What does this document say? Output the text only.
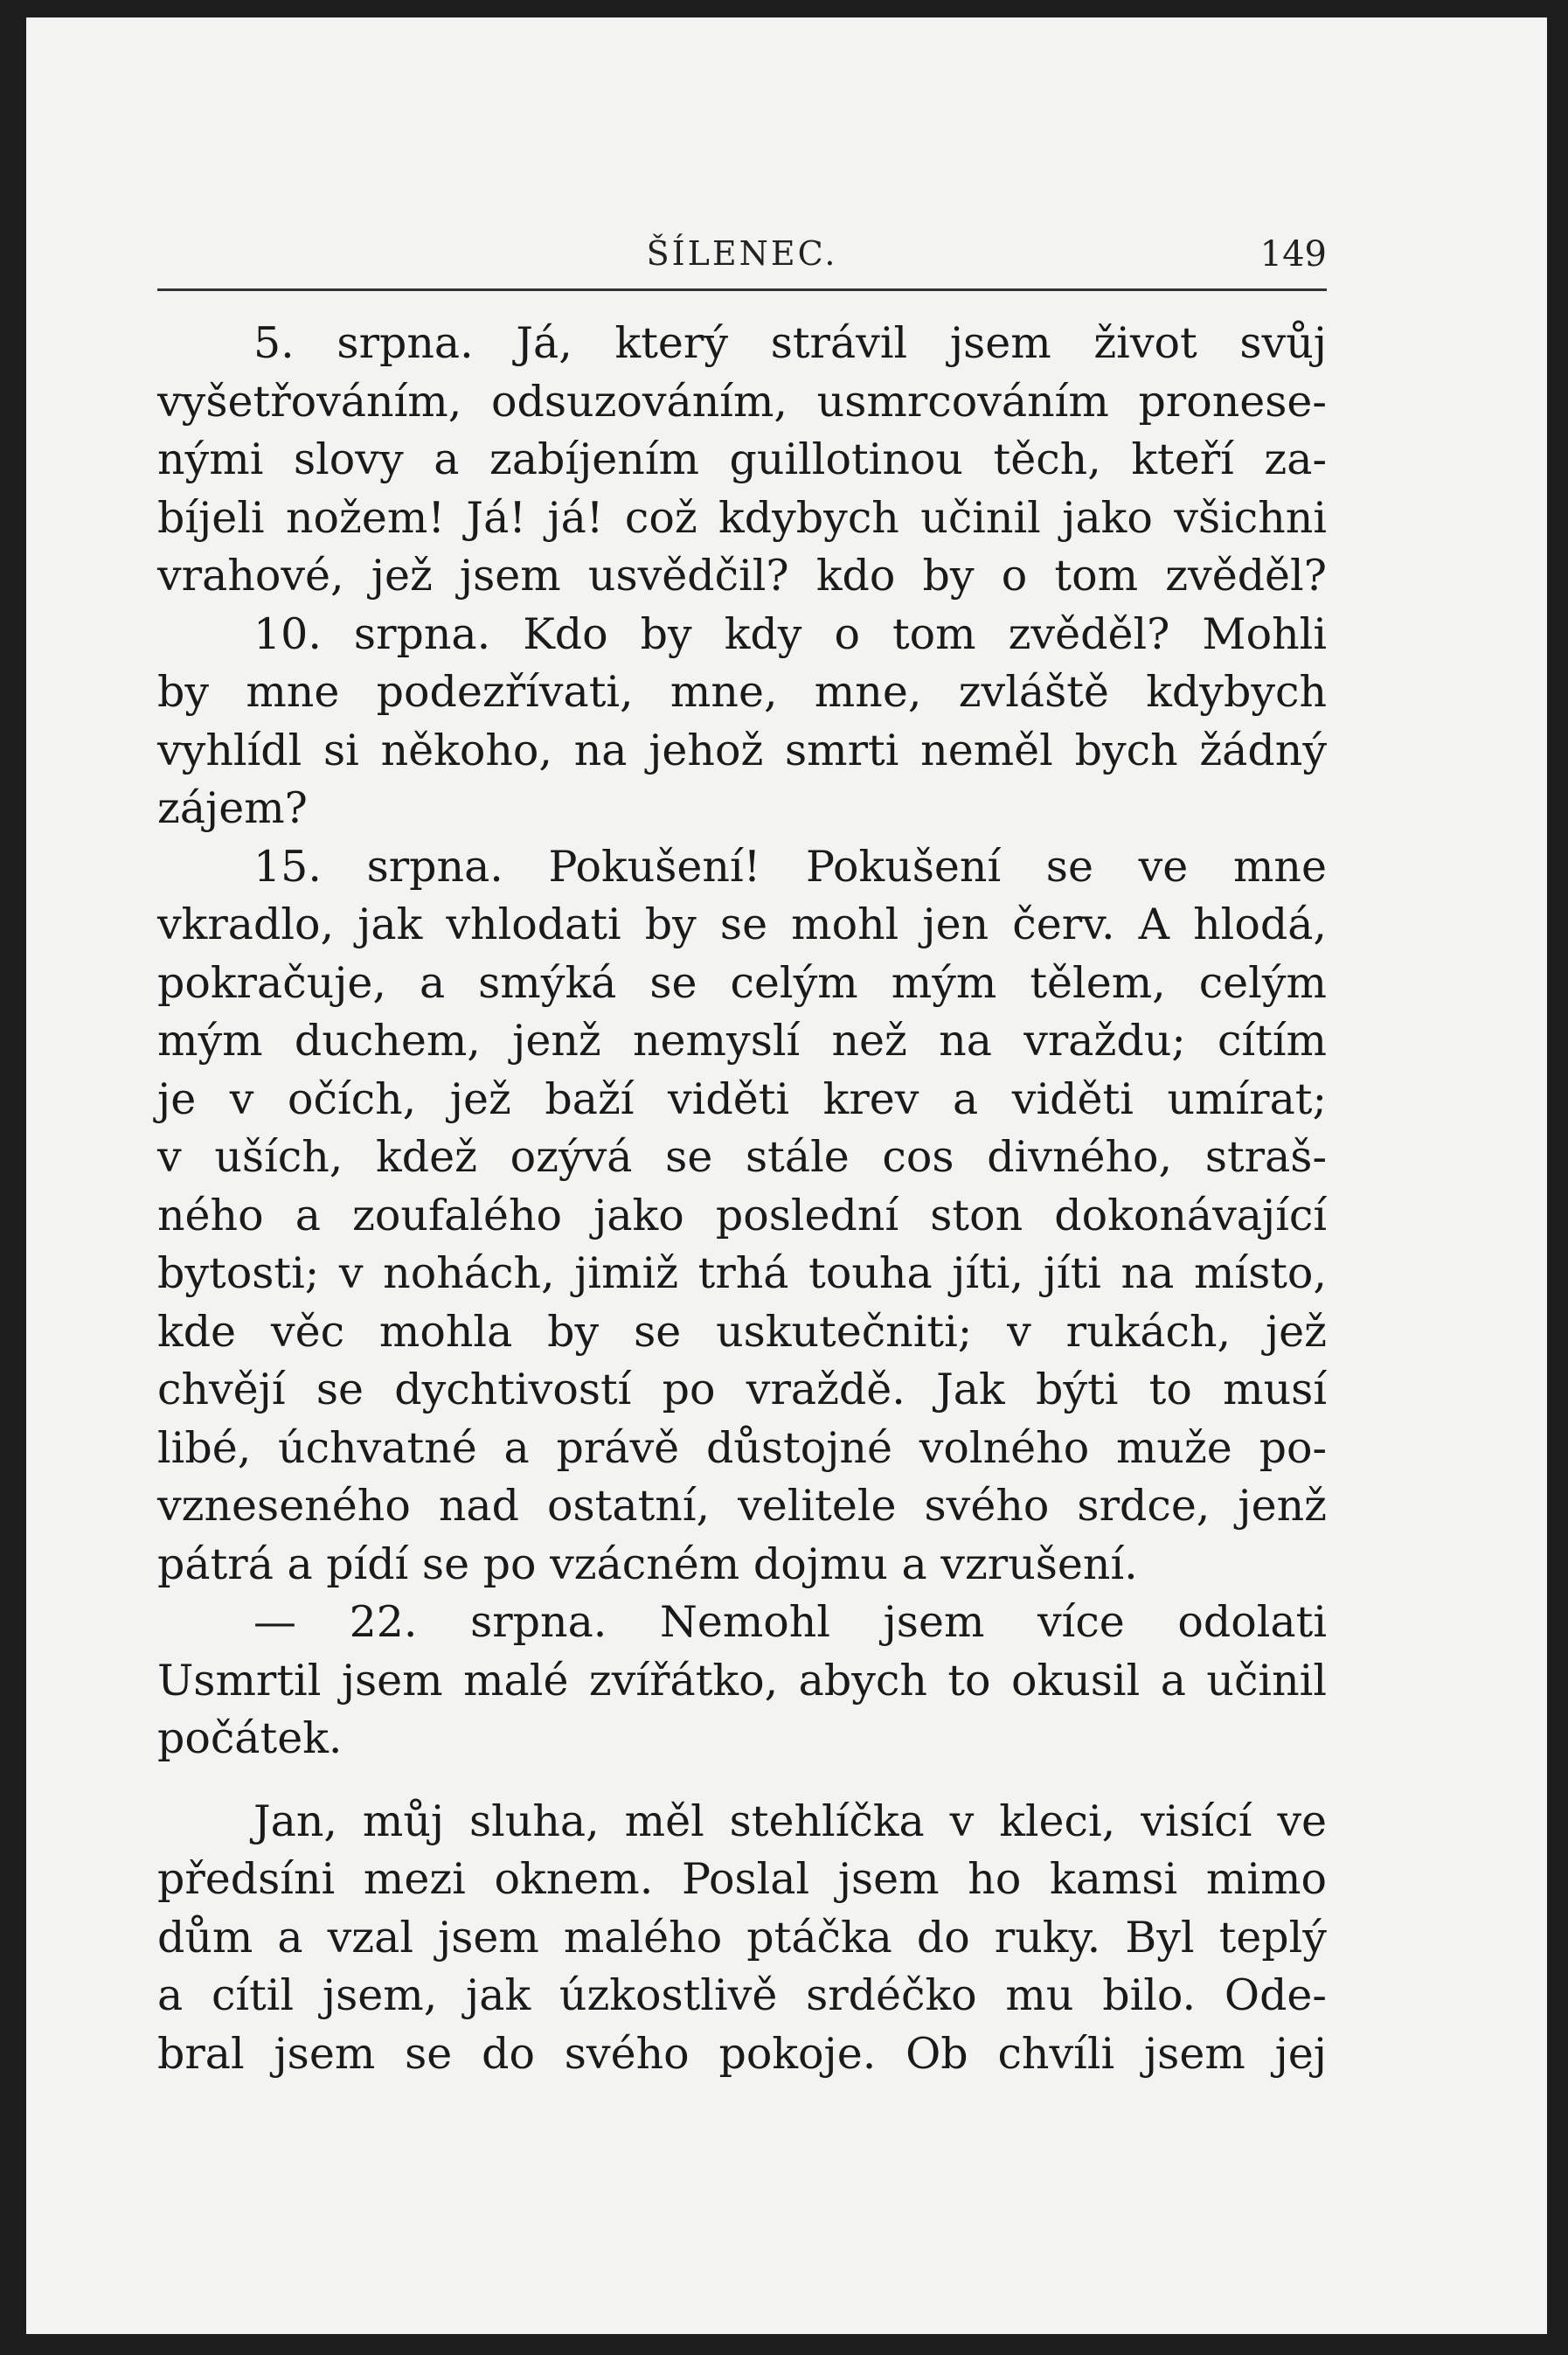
ŠÍLENEC.	149

5. srpna. Já, který strávil jsem život svůj
vyšetřováním, odsuzováním, usmrcováním pronese-
nými slovy a zabíjením guillotinou těch, kteří za-
bíjeli nožem! Já! já! což kdybych učinil jako všichni
vrahové, jež jsem usvědčil? kdo by o tom zvěděl?

10. srpna. Kdo by kdy o tom zvěděl? Mohli
by mne podezřívati, mne, mne, zvláště kdybych
vyhlídl si někoho, na jehož smrti neměl bych žádný
zájem?

15. srpna. Pokušení! Pokušení se ve mne
vkradlo, jak vhlodati by se mohl jen červ. A hlodá,
pokračuje, a smýká se celým mým tělem, celým
mým duchem, jenž nemyslí než na vraždu; cítím
je v očích, jež baží viděti krev a viděti umírat;
v uších, kdež ozývá se stále cos divného, straš-
ného a zoufalého jako poslední ston dokonávající
bytosti; v nohách, jimiž trhá touha jíti, jíti na místo,
kde věc mohla by se uskutečniti; v rukách, jež
chvějí se dychtivostí po vraždě. Jak býti to musí
libé, úchvatné a právě důstojné volného muže po-
vzneseného nad ostatní, velitele svého srdce, jenž
pátrá a pídí se po vzácném dojmu a vzrušení.

— 22. srpna. Nemohl jsem více odolati
Usmrtil jsem malé zvířátko, abych to okusil a učinil
počátek.

Jan, můj sluha, měl stehlíčka v kleci, visící ve
předsíni mezi oknem. Poslal jsem ho kamsi mimo
dům a vzal jsem malého ptáčka do ruky. Byl teplý
a cítil jsem, jak úzkostlivě srdéčko mu bilo. Ode-
bral jsem se do svého pokoje. Ob chvíli jsem jej
